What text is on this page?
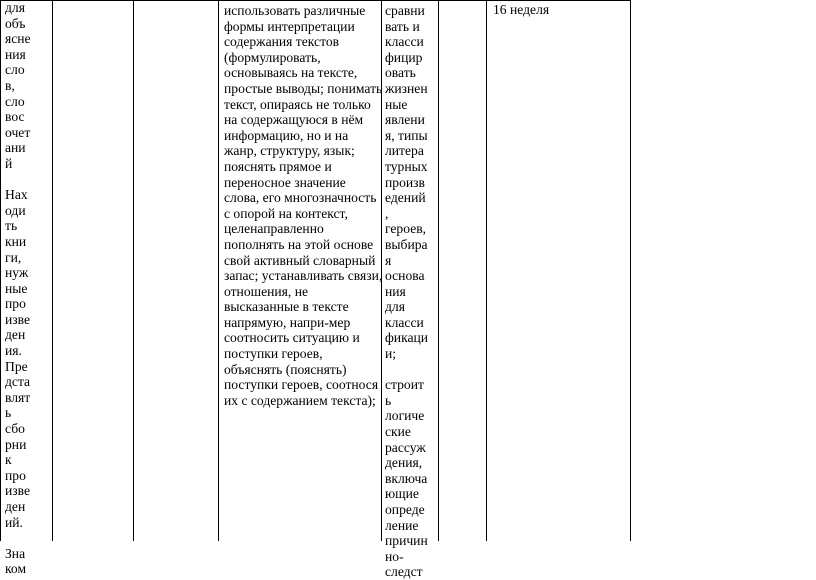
для
объ
ясне
ния
сло
в,
сло
вос
очет
ани
й

Нах
оди
ть
кни
ги,
нуж
ные
про
изве
ден
ия.
Пре
дста
влят
ь
сбо
рни
к
про
изве
ден
ий.

Зна
ком
использовать различные формы интерпретации содержания текстов (формулировать, основываясь на тексте, простые выводы; понимать текст, опираясь не только на содержащуюся в нём информацию, но и на жанр, структуру, язык; пояснять прямое и переносное значение слова, его многозначность с опорой на контекст, целенаправленно пополнять на этой основе свой активный словарный запас; устанавливать связи, отношения, не высказанные в тексте напрямую, напри-мер соотносить ситуацию и поступки героев, объяснять (пояснять) поступки героев, соотнося их с содержанием текста);
сравни
вать и
класси
фицир
овать
жизнен
ные
явлени
я, типы
литера
турных
произв
едений
,
героев,
выбира
я
основа
ния
для
класси
фикаци
и;

строит
ь
логиче
ские
рассуж
дения,
включа
ющие
опреде
ление
причин
но-
следст
16 неделя
